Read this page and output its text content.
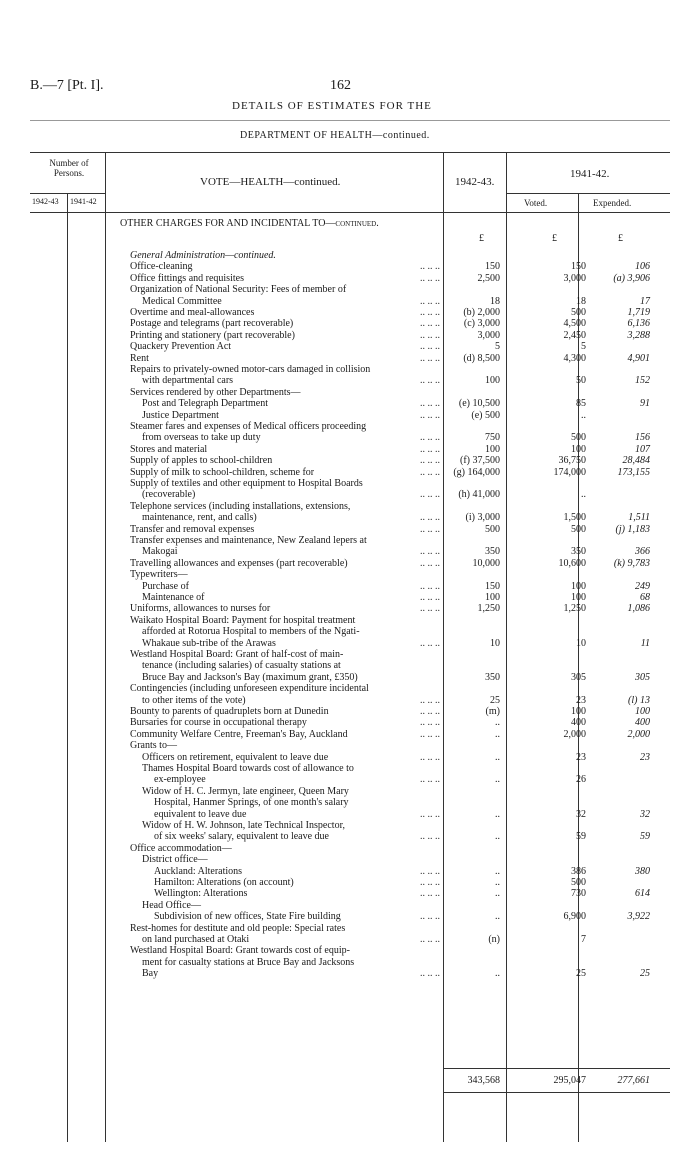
B.—7 [Pt. I].	162
DETAILS OF ESTIMATES FOR THE
DEPARTMENT OF HEALTH—continued.
Number of Persons.
1942-43 1941-42
VOTE—HEALTH—continued.	1942-43.
1941-42.
Voted.	Expended.
OTHER CHARGES FOR AND INCIDENTAL TO—continued.
£	£	£
General Administration—continued.
Office-cleaning	.. .. ..	150	150	106
Office fittings and requisites	.. .. ..	2,500	3,000	(a) 3,906
Organization of National Security: Fees of member of
Medical Committee	.. .. ..	18	18	17
Overtime and meal-allowances	.. .. .. (b) 2,000	500	1,719
Postage and telegrams (part recoverable)	.. .. .. (c) 3,000	4,500	6,136
Printing and stationery (part recoverable)	.. .. ..	3,000	2,450	3,288
Quackery Prevention Act	.. .. ..	5	5
Rent	.. .. .. (d) 8,500	4,300	4,901
Repairs to privately-owned motor-cars damaged in collision
with departmental cars	.. .. ..	100	50	152
Services rendered by other Departments—
Post and Telegraph Department	.. .. .. (e) 10,500	85	91
Justice Department	.. .. ..	(e) 500	..
Steamer fares and expenses of Medical officers proceeding
from overseas to take up duty	.. .. ..	750	500	156
Stores and material	.. .. ..	100	100	107
Supply of apples to school-children	.. .. .. (f) 37,500	36,750	28,484
Supply of milk to school-children, scheme for	.. .. .. (g) 164,000	174,000	173,155
Supply of textiles and other equipment to Hospital Boards
(recoverable)	.. .. .. (h) 41,000	..
Telephone services (including installations, extensions,
maintenance, rent, and calls)	.. .. ..	(i) 3,000	1,500	1,511
Transfer and removal expenses	.. .. ..	500	500	(j) 1,183
Transfer expenses and maintenance, New Zealand lepers at
Makogai	.. .. ..	350	350	366
Travelling allowances and expenses (part recoverable)	.. .. ..	10,000	10,600	(k) 9,783
Typewriters—
Purchase of	.. .. ..	150	100	249
Maintenance of	.. .. ..	100	100	68
Uniforms, allowances to nurses for	.. .. ..	1,250	1,250	1,086
Waikato Hospital Board: Payment for hospital treatment
afforded at Rotorua Hospital to members of the Ngati-
Whakaue sub-tribe of the Arawas	.. .. ..	10	10	11
Westland Hospital Board: Grant of half-cost of main-
tenance (including salaries) of casualty stations at
Bruce Bay and Jackson's Bay (maximum grant, £350)	350	305	305
Contingencies (including unforeseen expenditure incidental
to other items of the vote)	.. .. ..	25	23	(l) 13
Bounty to parents of quadruplets born at Dunedin	.. .. ..	(m)	100	100
Bursaries for course in occupational therapy	.. .. ..	..	400	400
Community Welfare Centre, Freeman's Bay, Auckland	.. .. ..	..	2,000	2,000
Grants to—
Officers on retirement, equivalent to leave due	.. .. ..	..	23	23
Thames Hospital Board towards cost of allowance to
ex-employee	.. .. ..	..	26
Widow of H. C. Jermyn, late engineer, Queen Mary
Hospital, Hanmer Springs, of one month's salary
equivalent to leave due	.. .. ..	..	32	32
Widow of H. W. Johnson, late Technical Inspector,
of six weeks' salary, equivalent to leave due	.. .. ..	..	59	59
Office accommodation—
District office—
Auckland: Alterations	.. .. ..	..	386	380
Hamilton: Alterations (on account)	.. .. ..	..	500
Wellington: Alterations	.. .. ..	..	730	614
Head Office—
Subdivision of new offices, State Fire building	.. .. ..	..	6,900	3,922
Rest-homes for destitute and old people: Special rates
on land purchased at Otaki	.. .. ..	(n)	7
Westland Hospital Board: Grant towards cost of equip-
ment for casualty stations at Bruce Bay and Jacksons
Bay	.. .. ..	..	25	25
343,568	295,047	277,661
